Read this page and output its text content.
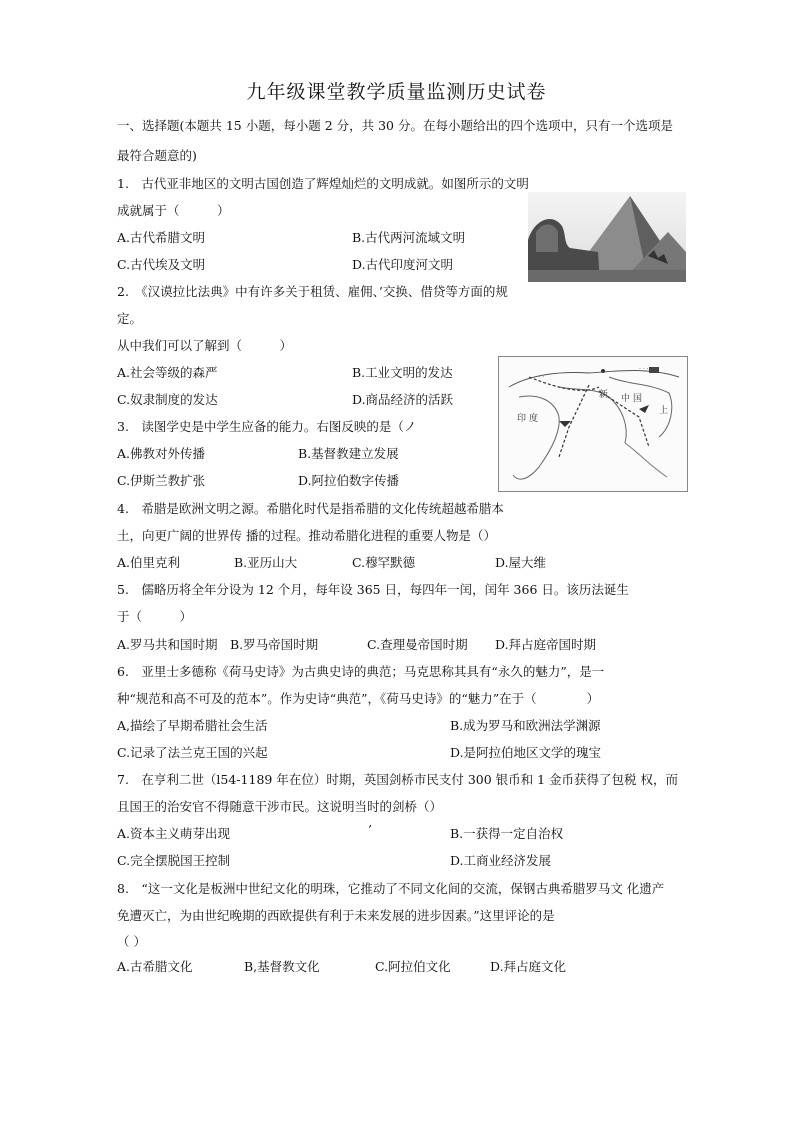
九年级课堂教学质量监测历史试卷
一、选择题(本题共 15 小题，每小题 2 分，共 30 分。在每小题给出的四个选项中，只有一个选项是
最符合题意的)
1.　古代亚非地区的文明古国创造了辉煌灿烂的文明成就。如图所示的文明
成就属于（　　　）
A.古代希腊文明	B.古代两河流域文明
C.古代埃及文明	D.古代印度河文明
2.　《汉谟拉比法典》中有许多关于租赁、雇佣、’交换、借贷等方面的规
定。
从中我们可以了解到（　　　）
A.社会等级的森严	B.工业文明的发达
C.奴隶制度的发达	D.商品经济的活跃
· · ·
· · ·
新 中 国
印 度
上
3.　读图学史是中学生应备的能力。右图反映的是（ノ
A.佛教对外传播	B.基督教建立发展
C.伊斯兰教扩张	D.阿拉伯数字传播
4.　希腊是欧洲文明之源。希腊化时代是指希腊的文化传统超越希腊本
土，向更广阔的世界传 播的过程。推动希腊化进程的重要人物是（）
A.伯里克利	B.亚历山大	C.穆罕默德	D.屋大维
5.　儒略历将全年分设为 12 个月，每年设 365 日，每四年一闰，闰年 366 日。该历法诞生
于（　　　）
A.罗马共和国时期 B.罗马帝国时期	C.查理曼帝国时期 D.拜占庭帝国时期
6.　亚里士多德称《荷马史诗》为古典史诗的典范；马克思称其具有“永久的魅力”，是一
种“规范和高不可及的范本”。作为史诗“典范”，《荷马史诗》的“魅力”在于（　　　　）
A,描绘了早期希腊社会生活	B.成为罗马和欧洲法学渊源
C.记录了法兰克王国的兴起	D.是阿拉伯地区文学的瑰宝
7.　在亨利二世（l54-1189 年在位）时期，英国剑桥市民支付 300 银币和 1 金币获得了包税 权，而
且国王的治安官不得随意干涉市民。这说明当时的剑桥（）
A.资本主义萌芽出现	’	B.一获得一定自治权
C.完全摆脱国王控制	D.工商业经济发展
8.　“这一文化是板洲中世纪文化的明珠，它推动了不同文化间的交流，保钢古典希腊罗马文 化遗产
免遭灭亡，为由世纪晚期的西欧提供有利于未来发展的进步因素。”这里评论的是
（ ）
A.古希腊文化	B,基督教文化	C.阿拉伯文化	D.拜占庭文化
